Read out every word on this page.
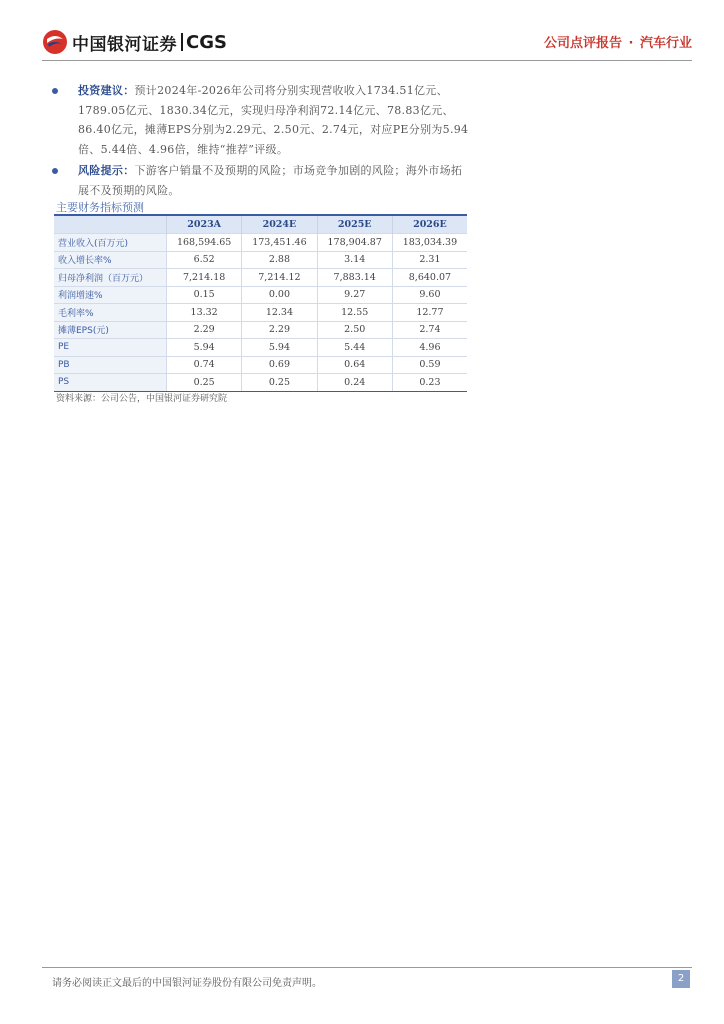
中国银河证券 CGS	公司点评报告 · 汽车行业
投资建议：预计2024年-2026年公司将分别实现营收收入1734.51亿元、1789.05亿元、1830.34亿元，实现归母净利润72.14亿元、78.83亿元、86.40亿元，摊薄EPS分别为2.29元、2.50元、2.74元，对应PE分别为5.94倍、5.44倍、4.96倍，维持“推荐”评级。
风险提示：下游客户销量不及预期的风险；市场竞争加剧的风险；海外市场拓展不及预期的风险。
主要财务指标预测
	2023A	2024E	2025E	2026E
营业收入(百万元)	168,594.65	173,451.46	178,904.87	183,034.39
收入增长率%	6.52	2.88	3.14	2.31
归母净利润（百万元）	7,214.18	7,214.12	7,883.14	8,640.07
利润增速%	0.15	0.00	9.27	9.60
毛利率%	13.32	12.34	12.55	12.77
摊薄EPS(元)	2.29	2.29	2.50	2.74
PE	5.94	5.94	5.44	4.96
PB	0.74	0.69	0.64	0.59
PS	0.25	0.25	0.24	0.23
资料来源：公司公告，中国银河证券研究院
请务必阅读正文最后的中国银河证券股份有限公司免责声明。	2
